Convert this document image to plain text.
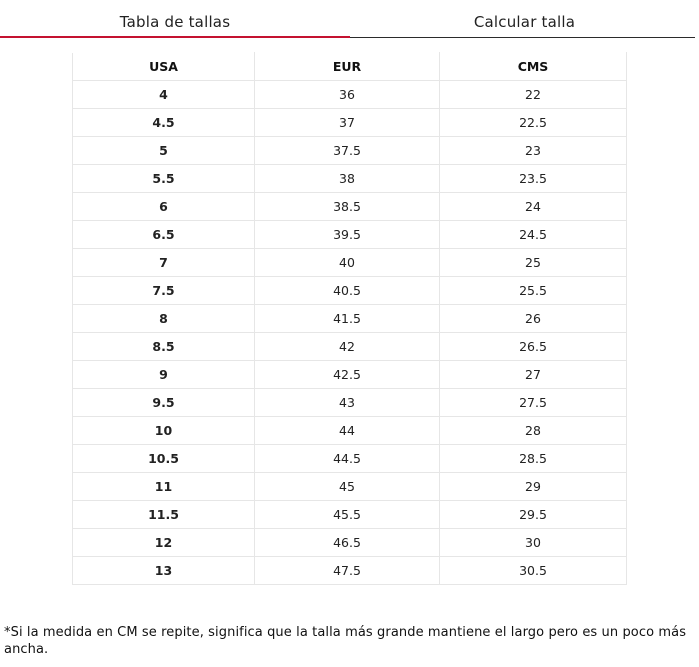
Tabla de tallas	Calcular talla
USA	EUR	CMS
4	36	22
4.5	37	22.5
5	37.5	23
5.5	38	23.5
6	38.5	24
6.5	39.5	24.5
7	40	25
7.5	40.5	25.5
8	41.5	26
8.5	42	26.5
9	42.5	27
9.5	43	27.5
10	44	28
10.5	44.5	28.5
11	45	29
11.5	45.5	29.5
12	46.5	30
13	47.5	30.5
*Si la medida en CM se repite, significa que la talla más grande mantiene el largo pero es un poco más ancha.
